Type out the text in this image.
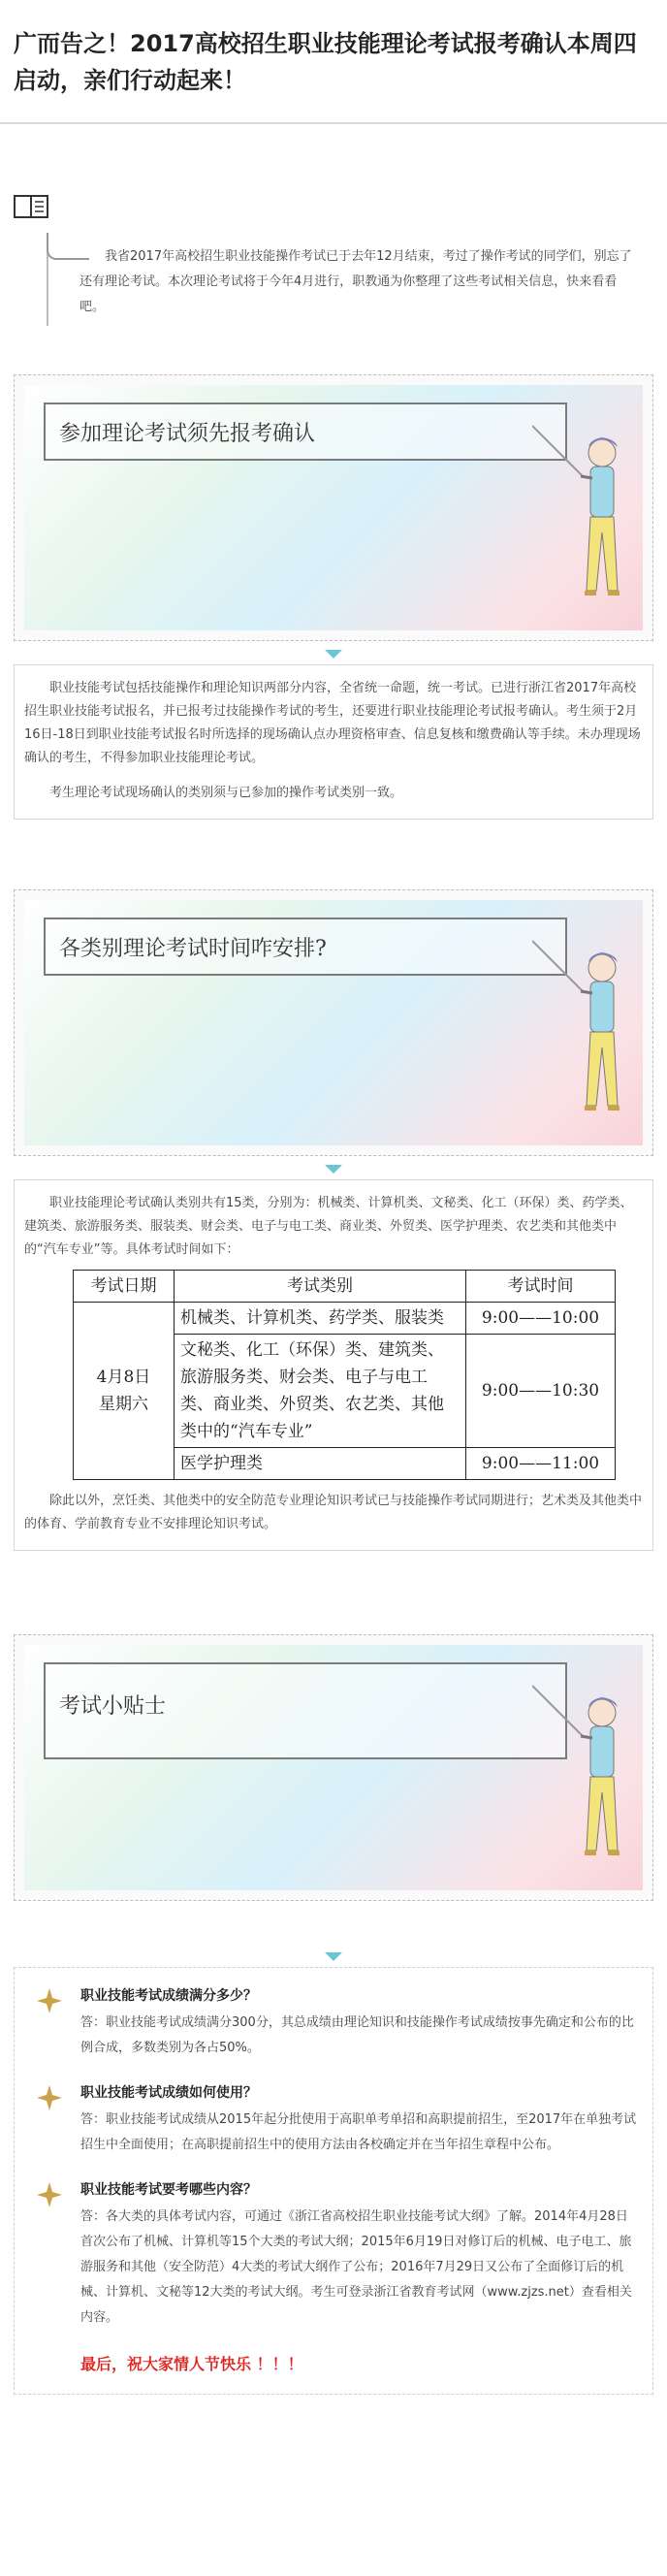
广而告之！2017高校招生职业技能理论考试报考确认本周四启动，亲们行动起来！

我省2017年高校招生职业技能操作考试已于去年12月结束，考过了操作考试的同学们，别忘了还有理论考试。本次理论考试将于今年4月进行，职教通为你整理了这些考试相关信息，快来看看吧。

参加理论考试须先报考确认

职业技能考试包括技能操作和理论知识两部分内容，全省统一命题，统一考试。已进行浙江省2017年高校招生职业技能考试报名，并已报考过技能操作考试的考生，还要进行职业技能理论考试报考确认。考生须于2月16日-18日到职业技能考试报名时所选择的现场确认点办理资格审查、信息复核和缴费确认等手续。未办理现场确认的考生，不得参加职业技能理论考试。

考生理论考试现场确认的类别须与已参加的操作考试类别一致。

各类别理论考试时间咋安排?

职业技能理论考试确认类别共有15类，分别为：机械类、计算机类、文秘类、化工（环保）类、药学类、建筑类、旅游服务类、服装类、财会类、电子与电工类、商业类、外贸类、医学护理类、农艺类和其他类中的“汽车专业”等。具体考试时间如下：

考试日期	考试类别	考试时间
4月8日
星期六	机械类、计算机类、药学类、服装类	9:00——10:00
	文秘类、化工（环保）类、建筑类、旅游服务类、财会类、电子与电工类、商业类、外贸类、农艺类、其他类中的“汽车专业”	9:00——10:30
	医学护理类	9:00——11:00

除此以外，烹饪类、其他类中的安全防范专业理论知识考试已与技能操作考试同期进行；艺术类及其他类中的体育、学前教育专业不安排理论知识考试。

考试小贴士
职业技能考试成绩满分多少？
答：职业技能考试成绩满分300分，其总成绩由理论知识和技能操作考试成绩按事先确定和公布的比例合成，多数类别为各占50%。
职业技能考试成绩如何使用？
答：职业技能考试成绩从2015年起分批使用于高职单考单招和高职提前招生，至2017年在单独考试招生中全面使用；在高职提前招生中的使用方法由各校确定并在当年招生章程中公布。
职业技能考试要考哪些内容？
答：各大类的具体考试内容，可通过《浙江省高校招生职业技能考试大纲》了解。2014年4月28日首次公布了机械、计算机等15个大类的考试大纲；2015年6月19日对修订后的机械、电子电工、旅游服务和其他（安全防范）4大类的考试大纲作了公布；2016年7月29日又公布了全面修订后的机械、计算机、文秘等12大类的考试大纲。考生可登录浙江省教育考试网（www.zjzs.net）查看相关内容。
最后，祝大家情人节快乐 ！！！
